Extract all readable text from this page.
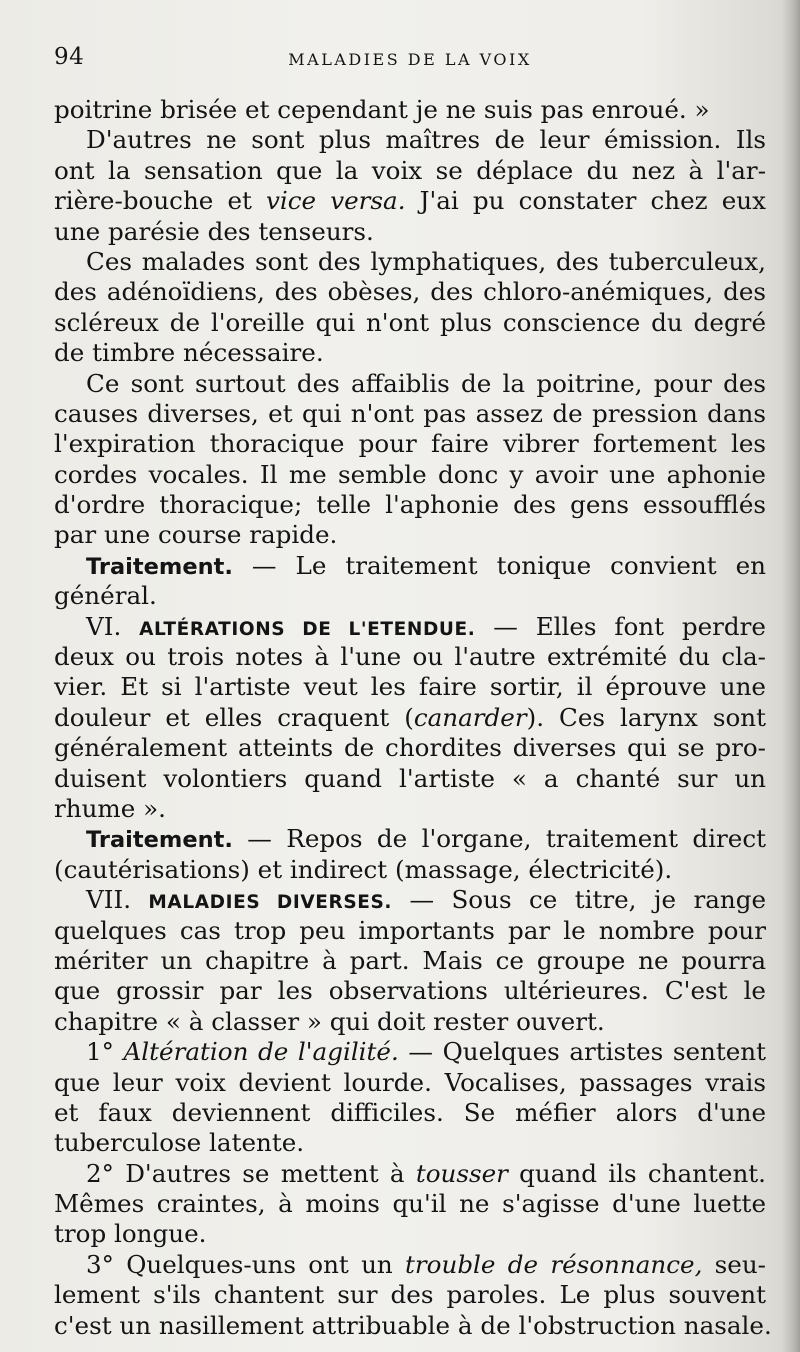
94	MALADIES DE LA VOIX
poitrine brisée et cependant je ne suis pas enroué. »
D'autres ne sont plus maîtres de leur émission. Ils
ont la sensation que la voix se déplace du nez à l'ar-
rière-bouche et vice versa. J'ai pu constater chez eux
une parésie des tenseurs.
Ces malades sont des lymphatiques, des tuberculeux,
des adénoïdiens, des obèses, des chloro-anémiques, des
scléreux de l'oreille qui n'ont plus conscience du degré
de timbre nécessaire.
Ce sont surtout des affaiblis de la poitrine, pour des
causes diverses, et qui n'ont pas assez de pression dans
l'expiration thoracique pour faire vibrer fortement les
cordes vocales. Il me semble donc y avoir une aphonie
d'ordre thoracique; telle l'aphonie des gens essoufflés
par une course rapide.
Traitement. — Le traitement tonique convient en
général.
VI. ALTÉRATIONS DE L'ETENDUE. — Elles font perdre
deux ou trois notes à l'une ou l'autre extrémité du cla-
vier. Et si l'artiste veut les faire sortir, il éprouve une
douleur et elles craquent (canarder). Ces larynx sont
généralement atteints de chordites diverses qui se pro-
duisent volontiers quand l'artiste « a chanté sur un
rhume ».
Traitement. — Repos de l'organe, traitement direct
(cautérisations) et indirect (massage, électricité).
VII. MALADIES DIVERSES. — Sous ce titre, je range
quelques cas trop peu importants par le nombre pour
mériter un chapitre à part. Mais ce groupe ne pourra
que grossir par les observations ultérieures. C'est le
chapitre « à classer » qui doit rester ouvert.
1° Altération de l'agilité. — Quelques artistes sentent
que leur voix devient lourde. Vocalises, passages vrais
et faux deviennent difficiles. Se méfier alors d'une
tuberculose latente.
2° D'autres se mettent à tousser quand ils chantent.
Mêmes craintes, à moins qu'il ne s'agisse d'une luette
trop longue.
3° Quelques-uns ont un trouble de résonnance, seu-
lement s'ils chantent sur des paroles. Le plus souvent
c'est un nasillement attribuable à de l'obstruction nasale.
